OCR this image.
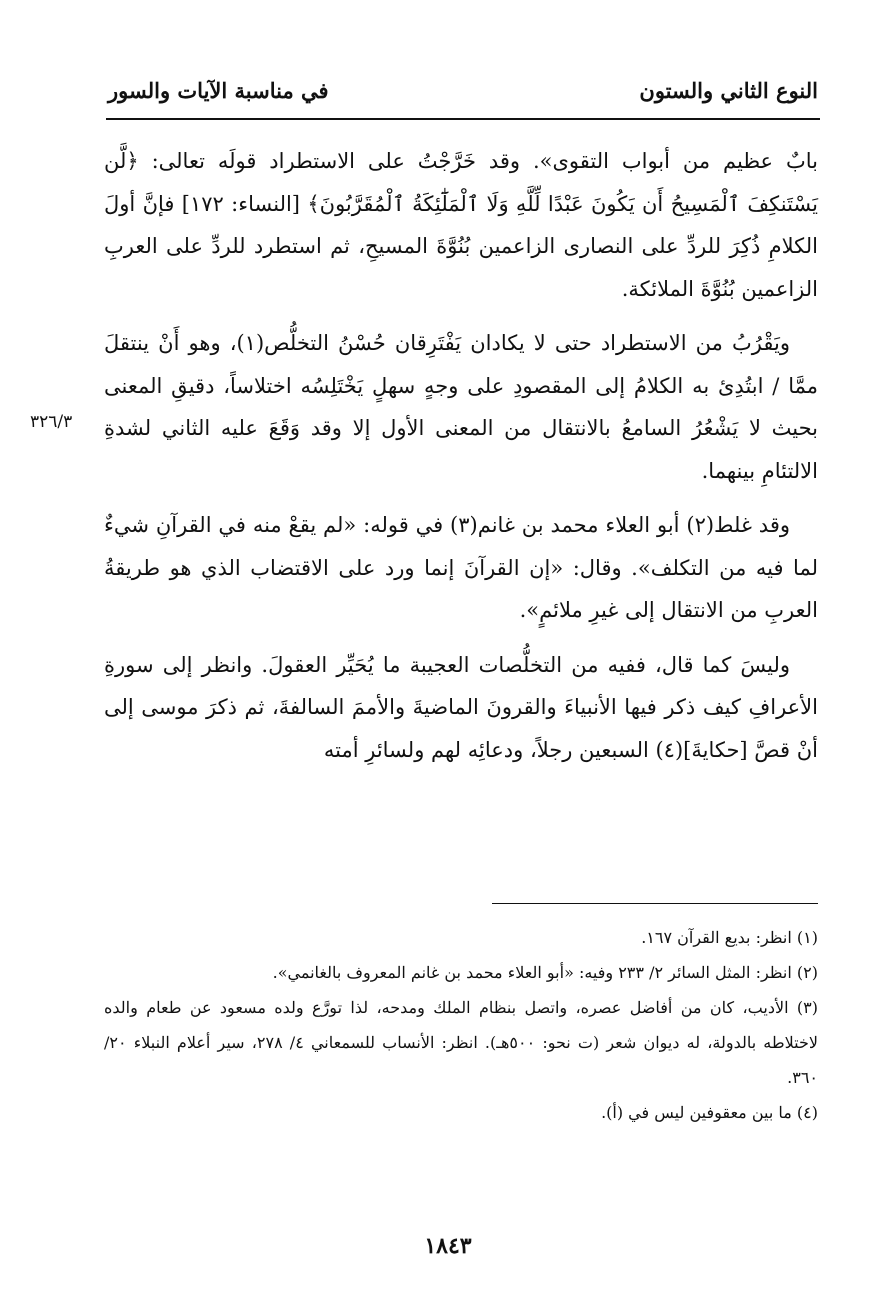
النوع الثاني والستون
في مناسبة الآيات والسور

بابٌ عظيم من أبواب التقوى». وقد خَرَّجْتُ على الاستطراد قولَه تعالى: ﴿لَّن يَسْتَنكِفَ ٱلْمَسِيحُ أَن يَكُونَ عَبْدًا لِّلَّهِ وَلَا ٱلْمَلَٰٓئِكَةُ ٱلْمُقَرَّبُونَ﴾ [النساء: ١٧٢] فإنَّ أولَ الكلامِ ذُكِرَ للردِّ على النصارى الزاعمين بُنُوَّةَ المسيحِ، ثم استطرد للردِّ على العربِ الزاعمين بُنُوَّةَ الملائكة.

ويَقْرُبُ من الاستطراد حتى لا يكادان يَفْتَرِقان حُسْنُ التخلُّص(١)، وهو أَنْ ينتقلَ ممَّا / ابتُدِئ به الكلامُ إلى المقصودِ على وجهٍ سهلٍ يَخْتَلِسُه اختلاساً، دقيقِ المعنى بحيث لا يَشْعُرُ السامعُ بالانتقال من المعنى الأول إلا وقد وَقَعَ عليه الثاني لشدةِ الالتئامِ بينهما.

وقد غلط(٢) أبو العلاء محمد بن غانم(٣) في قوله: «لم يقعْ منه في القرآنِ شيءٌ لما فيه من التكلف». وقال: «إن القرآنَ إنما ورد على الاقتضاب الذي هو طريقةُ العربِ من الانتقال إلى غيرِ ملائمٍ».

وليسَ كما قال، ففيه من التخلُّصات العجيبة ما يُحَيِّر العقولَ. وانظر إلى سورةِ الأعرافِ كيف ذكر فيها الأنبياءَ والقرونَ الماضيةَ والأممَ السالفةَ، ثم ذكرَ موسى إلى أنْ قصَّ [حكايةَ](٤) السبعين رجلاً، ودعائِه لهم ولسائرِ أمته

٣٢٦/٣

(١) انظر: بديع القرآن ١٦٧.

(٢) انظر: المثل السائر ٢/ ٢٣٣ وفيه: «أبو العلاء محمد بن غانم المعروف بالغانمي».

(٣) الأديب، كان من أفاضل عصره، واتصل بنظام الملك ومدحه، لذا تورَّع ولده مسعود عن طعام والده لاختلاطه بالدولة، له ديوان شعر (ت نحو: ٥٠٠هـ). انظر: الأنساب للسمعاني ٤/ ٢٧٨، سير أعلام النبلاء ٢٠/ ٣٦٠.

(٤) ما بين معقوفين ليس في (أ).

١٨٤٣
